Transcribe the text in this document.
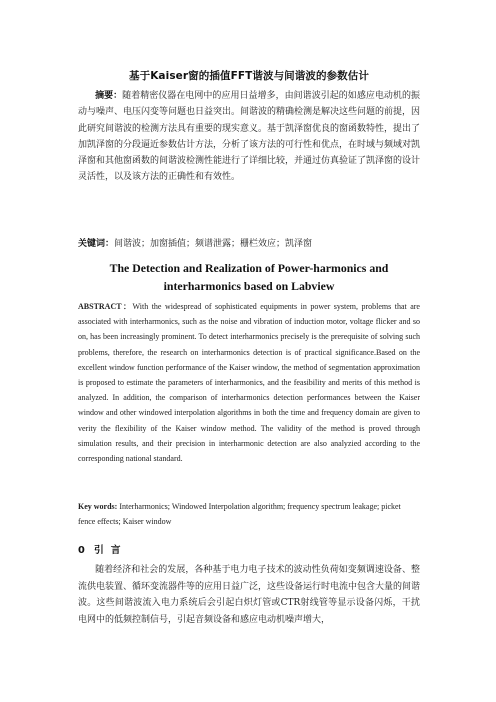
基于Kaiser窗的插值FFT谐波与间谐波的参数估计
摘要：随着精密仪器在电网中的应用日益增多，由间谐波引起的如感应电动机的振动与噪声、电压闪变等问题也日益突出。间谐波的精确检测是解决这些问题的前提，因此研究间谐波的检测方法具有重要的现实意义。基于凯泽窗优良的窗函数特性，提出了加凯泽窗的分段逼近参数估计方法，分析了该方法的可行性和优点，在时域与频域对凯泽窗和其他窗函数的间谐波检测性能进行了详细比较，并通过仿真验证了凯泽窗的设计灵活性，以及该方法的正确性和有效性。
关键词：间谐波；加窗插值；频谱泄露；栅栏效应；凯泽窗
The Detection and Realization of Power-harmonics and
interharmonics based on Labview
ABSTRACT：With the widespread of sophisticated equipments in power system, problems that are associated with interharmonics, such as the noise and vibration of induction motor, voltage flicker and so on, has been increasingly prominent. To detect interharmonics precisely is the prerequisite of solving such problems, therefore, the research on interharmonics detection is of practical significance.Based on the excellent window function performance of the Kaiser window, the method of segmentation approximation is proposed to estimate the parameters of interharmonics, and the feasibility and merits of this method is analyzed. In addition, the comparison of interharmonics detection performances between the Kaiser window and other windowed interpolation algorithms in both the time and frequency domain are given to verity the flexibility of the Kaiser window method. The validity of the method is proved through simulation results, and their precision in interharmonic detection are also analyzied according to the corresponding national standard.
Key words: Interharmonics; Windowed Interpolation algorithm; frequency spectrum leakage; picket fence effects; Kaiser window
0 引言
随着经济和社会的发展，各种基于电力电子技术的波动性负荷如变频调速设备、整流供电装置、循环变流器件等的应用日益广泛，这些设备运行时电流中包含大量的间谐波。这些间谐波流入电力系统后会引起白炽灯管或CTR射线管等显示设备闪烁，干扰电网中的低频控制信号，引起音频设备和感应电动机噪声增大，
